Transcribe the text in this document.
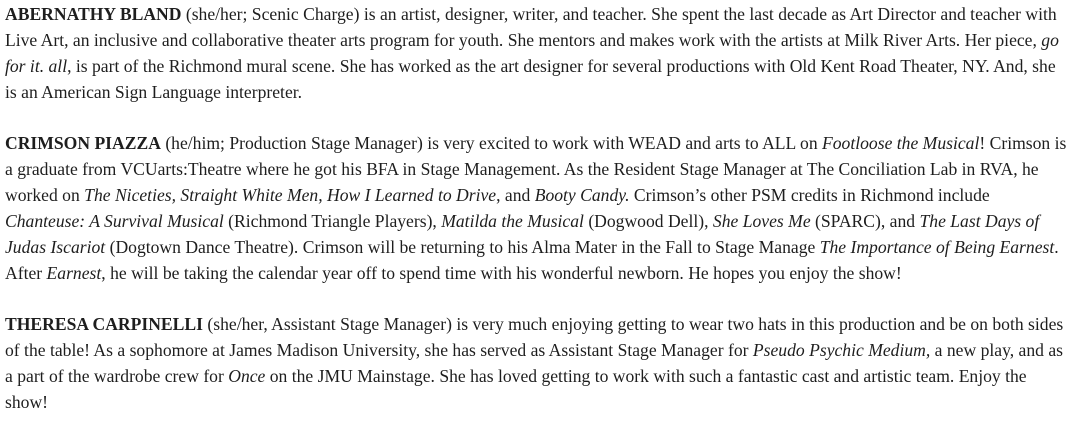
ABERNATHY BLAND (she/her; Scenic Charge) is an artist, designer, writer, and teacher. She spent the last decade as Art Director and teacher with Live Art, an inclusive and collaborative theater arts program for youth. She mentors and makes work with the artists at Milk River Arts. Her piece, go for it. all, is part of the Richmond mural scene. She has worked as the art designer for several productions with Old Kent Road Theater, NY. And, she is an American Sign Language interpreter.

CRIMSON PIAZZA (he/him; Production Stage Manager) is very excited to work with WEAD and arts to ALL on Footloose the Musical! Crimson is a graduate from VCUarts:Theatre where he got his BFA in Stage Management. As the Resident Stage Manager at The Conciliation Lab in RVA, he worked on The Niceties, Straight White Men, How I Learned to Drive, and Booty Candy. Crimson’s other PSM credits in Richmond include Chanteuse: A Survival Musical (Richmond Triangle Players), Matilda the Musical (Dogwood Dell), She Loves Me (SPARC), and The Last Days of Judas Iscariot (Dogtown Dance Theatre). Crimson will be returning to his Alma Mater in the Fall to Stage Manage The Importance of Being Earnest. After Earnest, he will be taking the calendar year off to spend time with his wonderful newborn. He hopes you enjoy the show!

THERESA CARPINELLI (she/her, Assistant Stage Manager) is very much enjoying getting to wear two hats in this production and be on both sides of the table! As a sophomore at James Madison University, she has served as Assistant Stage Manager for Pseudo Psychic Medium, a new play, and as a part of the wardrobe crew for Once on the JMU Mainstage. She has loved getting to work with such a fantastic cast and artistic team. Enjoy the show!
